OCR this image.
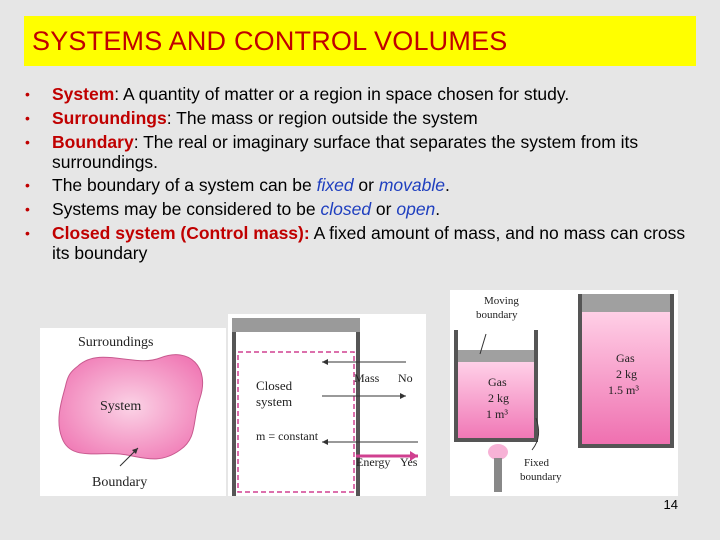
SYSTEMS AND CONTROL VOLUMES
• System: A quantity of matter or a region in space chosen for study.
• Surroundings: The mass or region outside the system
• Boundary: The real or imaginary surface that separates the system from its surroundings.
• The boundary of a system can be fixed or movable.
• Systems may be considered to be closed or open.
• Closed system (Control mass): A fixed amount of mass, and no mass can cross its boundary
Surroundings
System
Boundary
Closed
system
m = constant
Mass No
Energy Yes
Moving
boundary
Gas
2 kg
1 m³
Fixed
boundary
Gas
2 kg
1.5 m³
14
